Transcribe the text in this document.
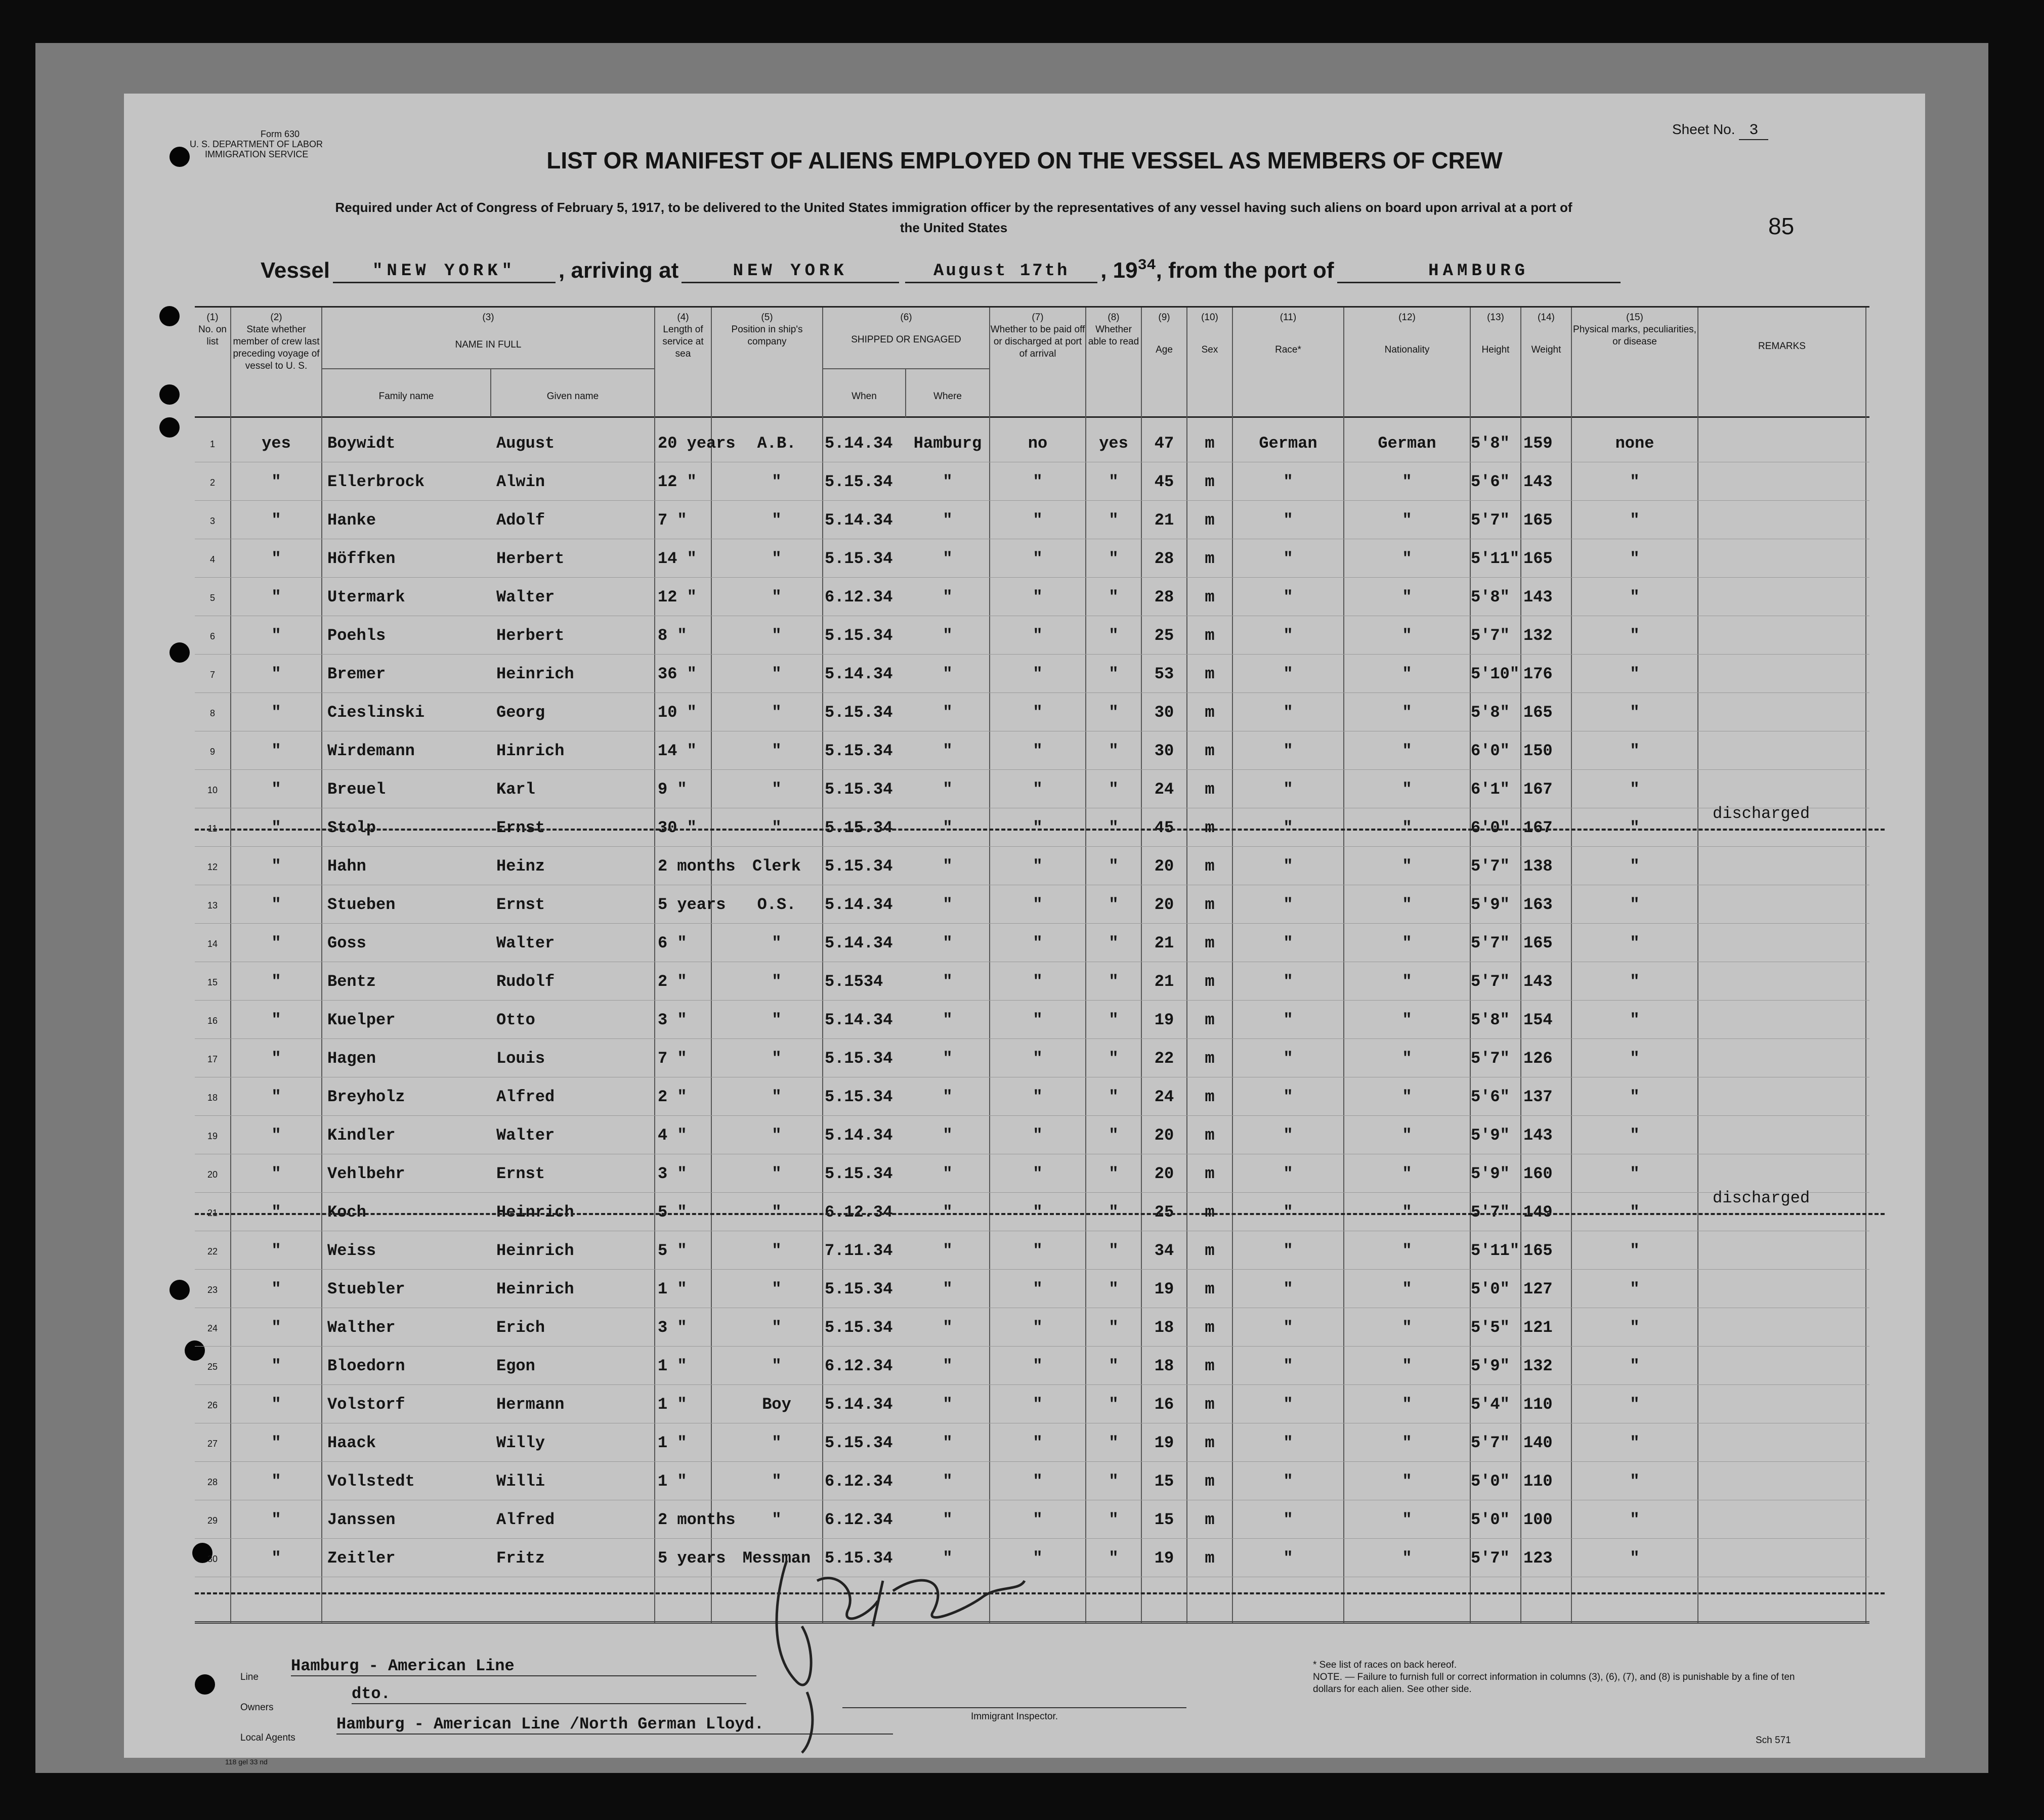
Form 630
U. S. DEPARTMENT OF LABOR
IMMIGRATION SERVICE
Sheet No. 3
LIST OR MANIFEST OF ALIENS EMPLOYED ON THE VESSEL AS MEMBERS OF CREW
Required under Act of Congress of February 5, 1917, to be delivered to the United States immigration officer by the representatives of any vessel having such aliens on board upon arrival at a port of the United States	85
Vessel	"NEW YORK"	, arriving at	NEW YORK	August 17th	, 19 34 , from the port of	HAMBURG
(1)
No. on list
(2)
State whether member of crew last preceding voyage of vessel to U. S.
(3)
NAME IN FULL
Family name	Given name
(4)
Length of service at sea
(5)
Position in ship's company
(6)
SHIPPED OR ENGAGED
When	Where
(7)
Whether to be paid off or discharged at port of arrival
(8)
Whether able to read
(9)
Age
(10)
Sex
(11)
Race*
(12)
Nationality
(13)
Height
(14)
Weight
(15)
Physical marks, peculiarities, or disease	REMARKS
1	yes	Boywidt	August	20 years	A.B.	5.14.34	Hamburg	no	yes	47	m	German	German	5'8" 159	none
2	"	Ellerbrock	Alwin	12 "	"	5.15.34	"	"	"	45	m	"	"	5'6" 143	"
3	"	Hanke	Adolf	7 "	"	5.14.34	"	"	"	21	m	"	"	5'7" 165	"
4	"	Höffken	Herbert	14 "	"	5.15.34	"	"	"	28	m	"	"	5'11" 165	"
5	"	Utermark	Walter	12 "	"	6.12.34	"	"	"	28	m	"	"	5'8" 143	"
6	"	Poehls	Herbert	8 "	"	5.15.34	"	"	"	25	m	"	"	5'7" 132	"
7	"	Bremer	Heinrich	36 "	"	5.14.34	"	"	"	53	m	"	"	5'10" 176	"
8	"	Cieslinski	Georg	10 "	"	5.15.34	"	"	"	30	m	"	"	5'8" 165	"
9	"	Wirdemann	Hinrich	14 "	"	5.15.34	"	"	"	30	m	"	"	6'0" 150	"
10	"	Breuel	Karl	9 "	"	5.15.34	"	"	"	24	m	"	"	6'1" 167	"
11	"	Stolp	Ernst	30 "	"	5.15.34	"	"	"	45	m	"	"	6'0" 167	"
discharged
12	"	Hahn	Heinz	2 months	Clerk	5.15.34	"	"	"	20	m	"	"	5'7" 138	"
13	"	Stueben	Ernst	5 years	O.S.	5.14.34	"	"	"	20	m	"	"	5'9" 163	"
14	"	Goss	Walter	6 "	"	5.14.34	"	"	"	21	m	"	"	5'7" 165	"
15	"	Bentz	Rudolf	2 "	"	5.1534	"	"	"	21	m	"	"	5'7" 143	"
16	"	Kuelper	Otto	3 "	"	5.14.34	"	"	"	19	m	"	"	5'8" 154	"
17	"	Hagen	Louis	7 "	"	5.15.34	"	"	"	22	m	"	"	5'7" 126	"
18	"	Breyholz	Alfred	2 "	"	5.15.34	"	"	"	24	m	"	"	5'6" 137	"
19	"	Kindler	Walter	4 "	"	5.14.34	"	"	"	20	m	"	"	5'9" 143	"
20	"	Vehlbehr	Ernst	3 "	"	5.15.34	"	"	"	20	m	"	"	5'9" 160	"
21	"	Koch	Heinrich	5 "	"	6.12.34	"	"	"	25	m	"	"	5'7" 149	"
discharged
22	"	Weiss	Heinrich	5 "	"	7.11.34	"	"	"	34	m	"	"	5'11" 165	"
23	"	Stuebler	Heinrich	1 "	"	5.15.34	"	"	"	19	m	"	"	5'0" 127	"
24	"	Walther	Erich	3 "	"	5.15.34	"	"	"	18	m	"	"	5'5" 121	"
25	"	Bloedorn	Egon	1 "	"	6.12.34	"	"	"	18	m	"	"	5'9" 132	"
26	"	Volstorf	Hermann	1 "	Boy	5.14.34	"	"	"	16	m	"	"	5'4" 110	"
27	"	Haack	Willy	1 "	"	5.15.34	"	"	"	19	m	"	"	5'7" 140	"
28	"	Vollstedt	Willi	1 "	"	6.12.34	"	"	"	15	m	"	"	5'0" 110	"
29	"	Janssen	Alfred	2 months	"	6.12.34	"	"	"	15	m	"	"	5'0" 100	"
30	"	Zeitler	Fritz	5 years	Messman 5.15.34	"	"	"	19	m	"	"	5'7" 123	"
Line
Hamburg - American Line
Owners
dto.
Local Agents
Hamburg - American Line /North German Lloyd.	Immigrant Inspector.
* See list of races on back hereof.
NOTE. — Failure to furnish full or correct information in columns (3), (6), (7), and (8) is punishable by a fine of ten dollars for each alien. See other side.
Sch 571
118 gel 33 nd
